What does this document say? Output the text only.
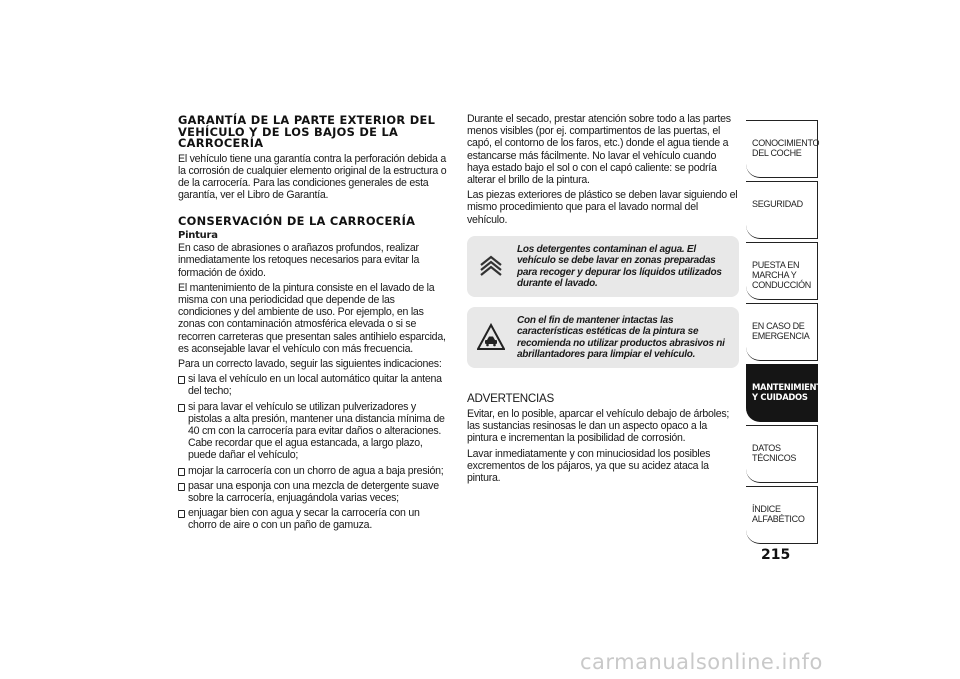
GARANTÍA DE LA PARTE EXTERIOR DEL VEHÍCULO Y DE LOS BAJOS DE LA CARROCERÍA

El vehículo tiene una garantía contra la perforación debida a la corrosión de cualquier elemento original de la estructura o de la carrocería. Para las condiciones generales de esta garantía, ver el Libro de Garantía.

CONSERVACIÓN DE LA CARROCERÍA
Pintura

En caso de abrasiones o arañazos profundos, realizar inmediatamente los retoques necesarios para evitar la formación de óxido.

El mantenimiento de la pintura consiste en el lavado de la misma con una periodicidad que depende de las condiciones y del ambiente de uso. Por ejemplo, en las zonas con contaminación atmosférica elevada o si se recorren carreteras que presentan sales antihielo esparcida, es aconsejable lavar el vehículo con más frecuencia.

Para un correcto lavado, seguir las siguientes indicaciones:

si lava el vehículo en un local automático quitar la antena del techo;
si para lavar el vehículo se utilizan pulverizadores y pistolas a alta presión, mantener una distancia mínima de 40 cm con la carrocería para evitar daños o alteraciones. Cabe recordar que el agua estancada, a largo plazo, puede dañar el vehículo;
mojar la carrocería con un chorro de agua a baja presión;
pasar una esponja con una mezcla de detergente suave sobre la carrocería, enjuagándola varias veces;
enjuagar bien con agua y secar la carrocería con un chorro de aire o con un paño de gamuza.

Durante el secado, prestar atención sobre todo a las partes menos visibles (por ej. compartimentos de las puertas, el capó, el contorno de los faros, etc.) donde el agua tiende a estancarse más fácilmente. No lavar el vehículo cuando haya estado bajo el sol o con el capó caliente: se podría alterar el brillo de la pintura.

Las piezas exteriores de plástico se deben lavar siguiendo el mismo procedimiento que para el lavado normal del vehículo.

Los detergentes contaminan el agua. El vehículo se debe lavar en zonas preparadas para recoger y depurar los líquidos utilizados durante el lavado.
Con el fin de mantener intactas las características estéticas de la pintura se recomienda no utilizar productos abrasivos ni abrillantadores para limpiar el vehículo.

ADVERTENCIAS

Evitar, en lo posible, aparcar el vehículo debajo de árboles; las sustancias resinosas le dan un aspecto opaco a la pintura e incrementan la posibilidad de corrosión.

Lavar inmediatamente y con minuciosidad los posibles excrementos de los pájaros, ya que su acidez ataca la pintura.

CONOCIMIENTO DEL COCHE
SEGURIDAD
PUESTA EN MARCHA Y CONDUCCIÓN
EN CASO DE EMERGENCIA
MANTENIMIENTO Y CUIDADOS
DATOS TÉCNICOS
ÍNDICE ALFABÉTICO
215
carmanualsonline.info
